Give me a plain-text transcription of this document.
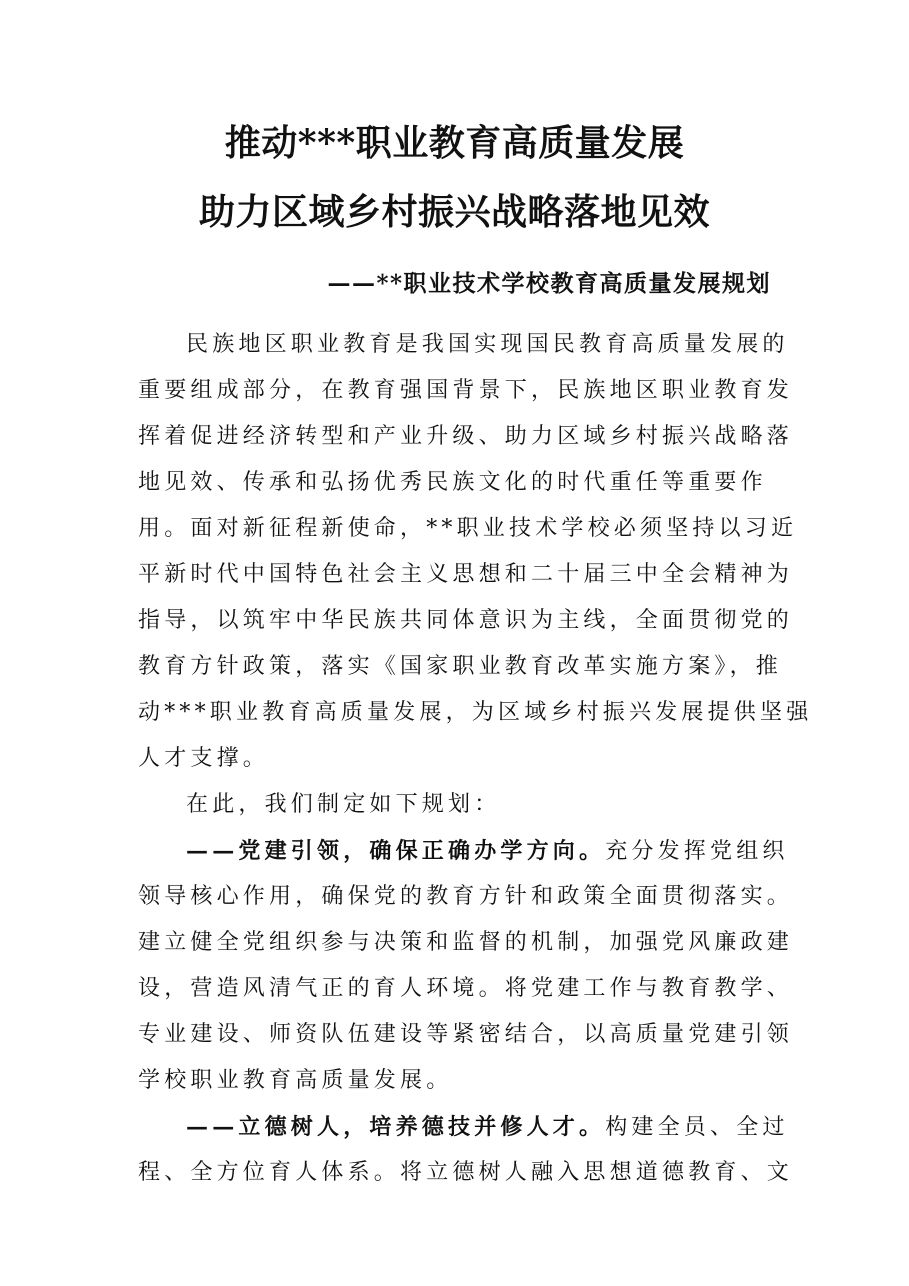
推动***职业教育高质量发展
助力区域乡村振兴战略落地见效
——**职业技术学校教育高质量发展规划
民族地区职业教育是我国实现国民教育高质量发展的
重要组成部分，在教育强国背景下，民族地区职业教育发
挥着促进经济转型和产业升级、助力区域乡村振兴战略落
地见效、传承和弘扬优秀民族文化的时代重任等重要作
用。面对新征程新使命，**职业技术学校必须坚持以习近
平新时代中国特色社会主义思想和二十届三中全会精神为
指导，以筑牢中华民族共同体意识为主线，全面贯彻党的
教育方针政策，落实《国家职业教育改革实施方案》，推
动***职业教育高质量发展，为区域乡村振兴发展提供坚强
人才支撑。
在此，我们制定如下规划：
——党建引领，确保正确办学方向。充分发挥党组织
领导核心作用，确保党的教育方针和政策全面贯彻落实。
建立健全党组织参与决策和监督的机制，加强党风廉政建
设，营造风清气正的育人环境。将党建工作与教育教学、
专业建设、师资队伍建设等紧密结合，以高质量党建引领
学校职业教育高质量发展。
——立德树人，培养德技并修人才。构建全员、全过
程、全方位育人体系。将立德树人融入思想道德教育、文
